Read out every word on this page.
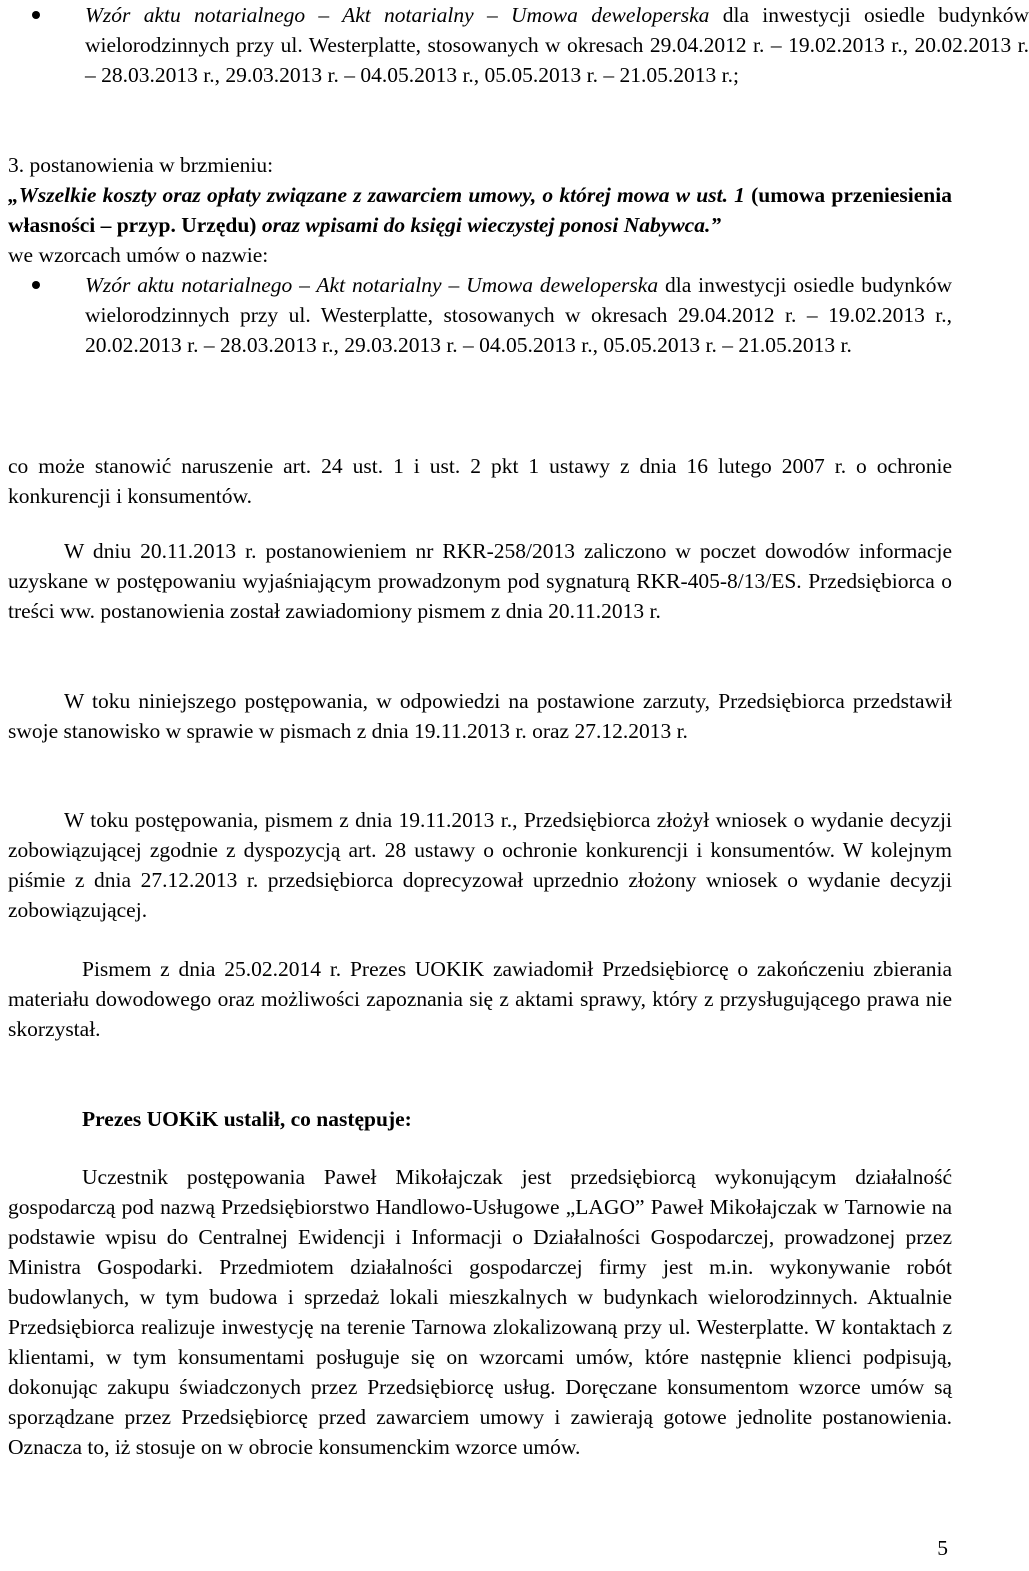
Wzór aktu notarialnego – Akt notarialny – Umowa deweloperska dla inwestycji osiedle budynków wielorodzinnych przy ul. Westerplatte, stosowanych w okresach 29.04.2012 r. – 19.02.2013 r., 20.02.2013 r. – 28.03.2013 r., 29.03.2013 r. – 04.05.2013 r., 05.05.2013 r. – 21.05.2013 r.;

3. postanowienia w brzmieniu:

„Wszelkie koszty oraz opłaty związane z zawarciem umowy, o której mowa w ust. 1 (umowa przeniesienia własności – przyp. Urzędu) oraz wpisami do księgi wieczystej ponosi Nabywca.”

we wzorcach umów o nazwie:

Wzór aktu notarialnego – Akt notarialny – Umowa deweloperska dla inwestycji osiedle budynków wielorodzinnych przy ul. Westerplatte, stosowanych w okresach 29.04.2012 r. – 19.02.2013 r., 20.02.2013 r. – 28.03.2013 r., 29.03.2013 r. – 04.05.2013 r., 05.05.2013 r. – 21.05.2013 r.

co może stanowić naruszenie art. 24 ust. 1 i ust. 2 pkt 1 ustawy z dnia 16 lutego 2007 r. o ochronie konkurencji i konsumentów.

W dniu 20.11.2013 r. postanowieniem nr RKR-258/2013 zaliczono w poczet dowodów informacje uzyskane w postępowaniu wyjaśniającym prowadzonym pod sygnaturą RKR-405-8/13/ES. Przedsiębiorca o treści ww. postanowienia został zawiadomiony pismem z dnia 20.11.2013 r.

W toku niniejszego postępowania, w odpowiedzi na postawione zarzuty, Przedsiębiorca przedstawił swoje stanowisko w sprawie w pismach z dnia 19.11.2013 r. oraz 27.12.2013 r.

W toku postępowania, pismem z dnia 19.11.2013 r., Przedsiębiorca złożył wniosek o wydanie decyzji zobowiązującej zgodnie z dyspozycją art. 28 ustawy o ochronie konkurencji i konsumentów. W kolejnym piśmie z dnia 27.12.2013 r. przedsiębiorca doprecyzował uprzednio złożony wniosek o wydanie decyzji zobowiązującej.

Pismem z dnia 25.02.2014 r. Prezes UOKIK zawiadomił Przedsiębiorcę o zakończeniu zbierania materiału dowodowego oraz możliwości zapoznania się z aktami sprawy, który z przysługującego prawa nie skorzystał.

Prezes UOKiK ustalił, co następuje:

Uczestnik postępowania Paweł Mikołajczak jest przedsiębiorcą wykonującym działalność gospodarczą pod nazwą Przedsiębiorstwo Handlowo-Usługowe „LAGO” Paweł Mikołajczak w Tarnowie na podstawie wpisu do Centralnej Ewidencji i Informacji o Działalności Gospodarczej, prowadzonej przez Ministra Gospodarki. Przedmiotem działalności gospodarczej firmy jest m.in. wykonywanie robót budowlanych, w tym budowa i sprzedaż lokali mieszkalnych w budynkach wielorodzinnych. Aktualnie Przedsiębiorca realizuje inwestycję na terenie Tarnowa zlokalizowaną przy ul. Westerplatte. W kontaktach z klientami, w tym konsumentami posługuje się on wzorcami umów, które następnie klienci podpisują, dokonując zakupu świadczonych przez Przedsiębiorcę usług. Doręczane konsumentom wzorce umów są sporządzane przez Przedsiębiorcę przed zawarciem umowy i zawierają gotowe jednolite postanowienia. Oznacza to, iż stosuje on w obrocie konsumenckim wzorce umów.

5
